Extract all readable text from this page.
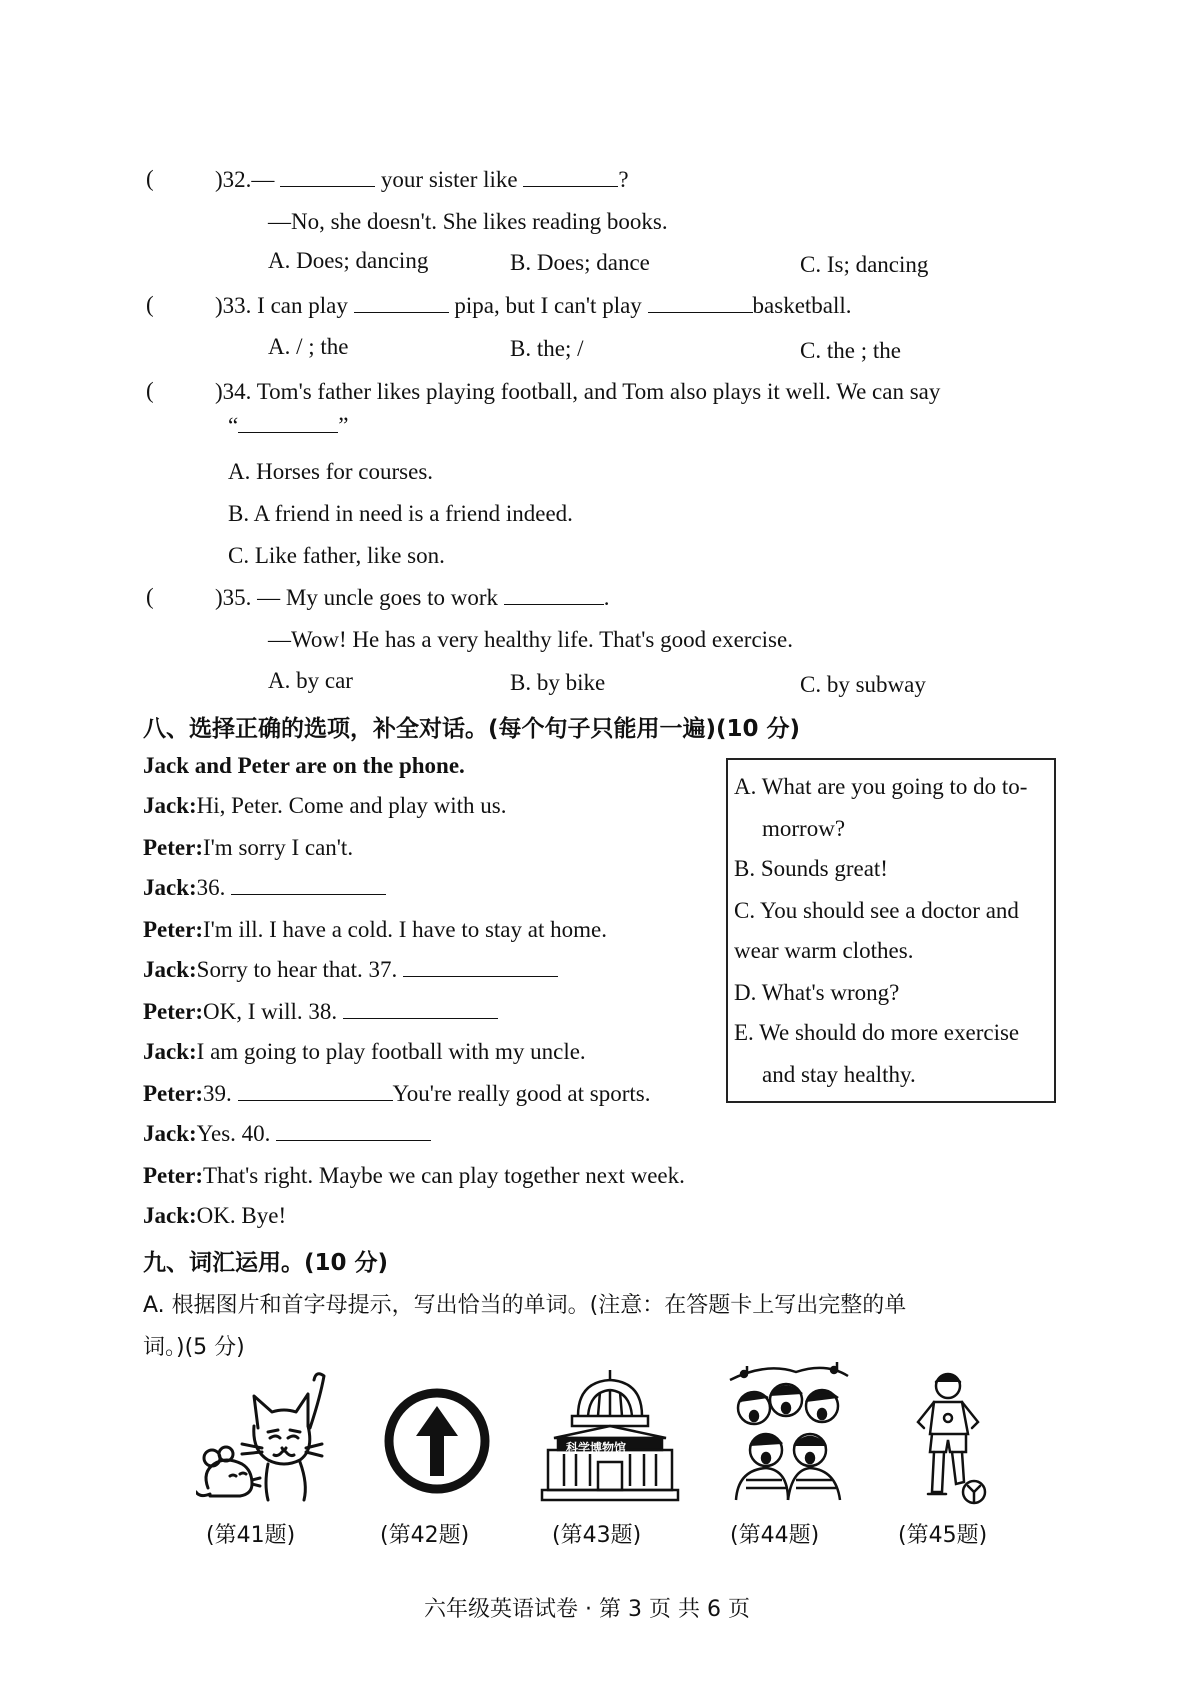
(	)32.—	your sister like	?
—No, she doesn't. She likes reading books.
A. Does; dancing	B. Does; dance	C. Is; dancing
(	)33. I can play	pipa, but I can't play	basketball.
A. / ; the	B. the; /	C. the ; the
(	)34. Tom's father likes playing football, and Tom also plays it well. We can say
“	”
A. Horses for courses.
B. A friend in need is a friend indeed.
C. Like father, like son.
(	)35. — My uncle goes to work	.
—Wow! He has a very healthy life. That's good exercise.
A. by car	B. by bike	C. by subway
八、选择正确的选项，补全对话。(每个句子只能用一遍)(10 分)
Jack and Peter are on the phone.
Jack:Hi, Peter. Come and play with us.
Peter:I'm sorry I can't.
Jack:36.
Peter:I'm ill. I have a cold. I have to stay at home.
Jack:Sorry to hear that. 37.
Peter:OK, I will. 38.
Jack:I am going to play football with my uncle.
Peter:39.	You're really good at sports.
Jack:Yes. 40.
Peter:That's right. Maybe we can play together next week.
Jack:OK. Bye!
A. What are you going to do to-
morrow?
B. Sounds great!
C. You should see a doctor and
wear warm clothes.
D. What's wrong?
E. We should do more exercise
and stay healthy.
九、词汇运用。(10 分)
A. 根据图片和首字母提示，写出恰当的单词。(注意：在答题卡上写出完整的单
词。)(5 分)
(第41题)	(第42题)
科学博物馆
(第43题)	(第44题)	(第45题)
六年级英语试卷 · 第 3 页 共 6 页
